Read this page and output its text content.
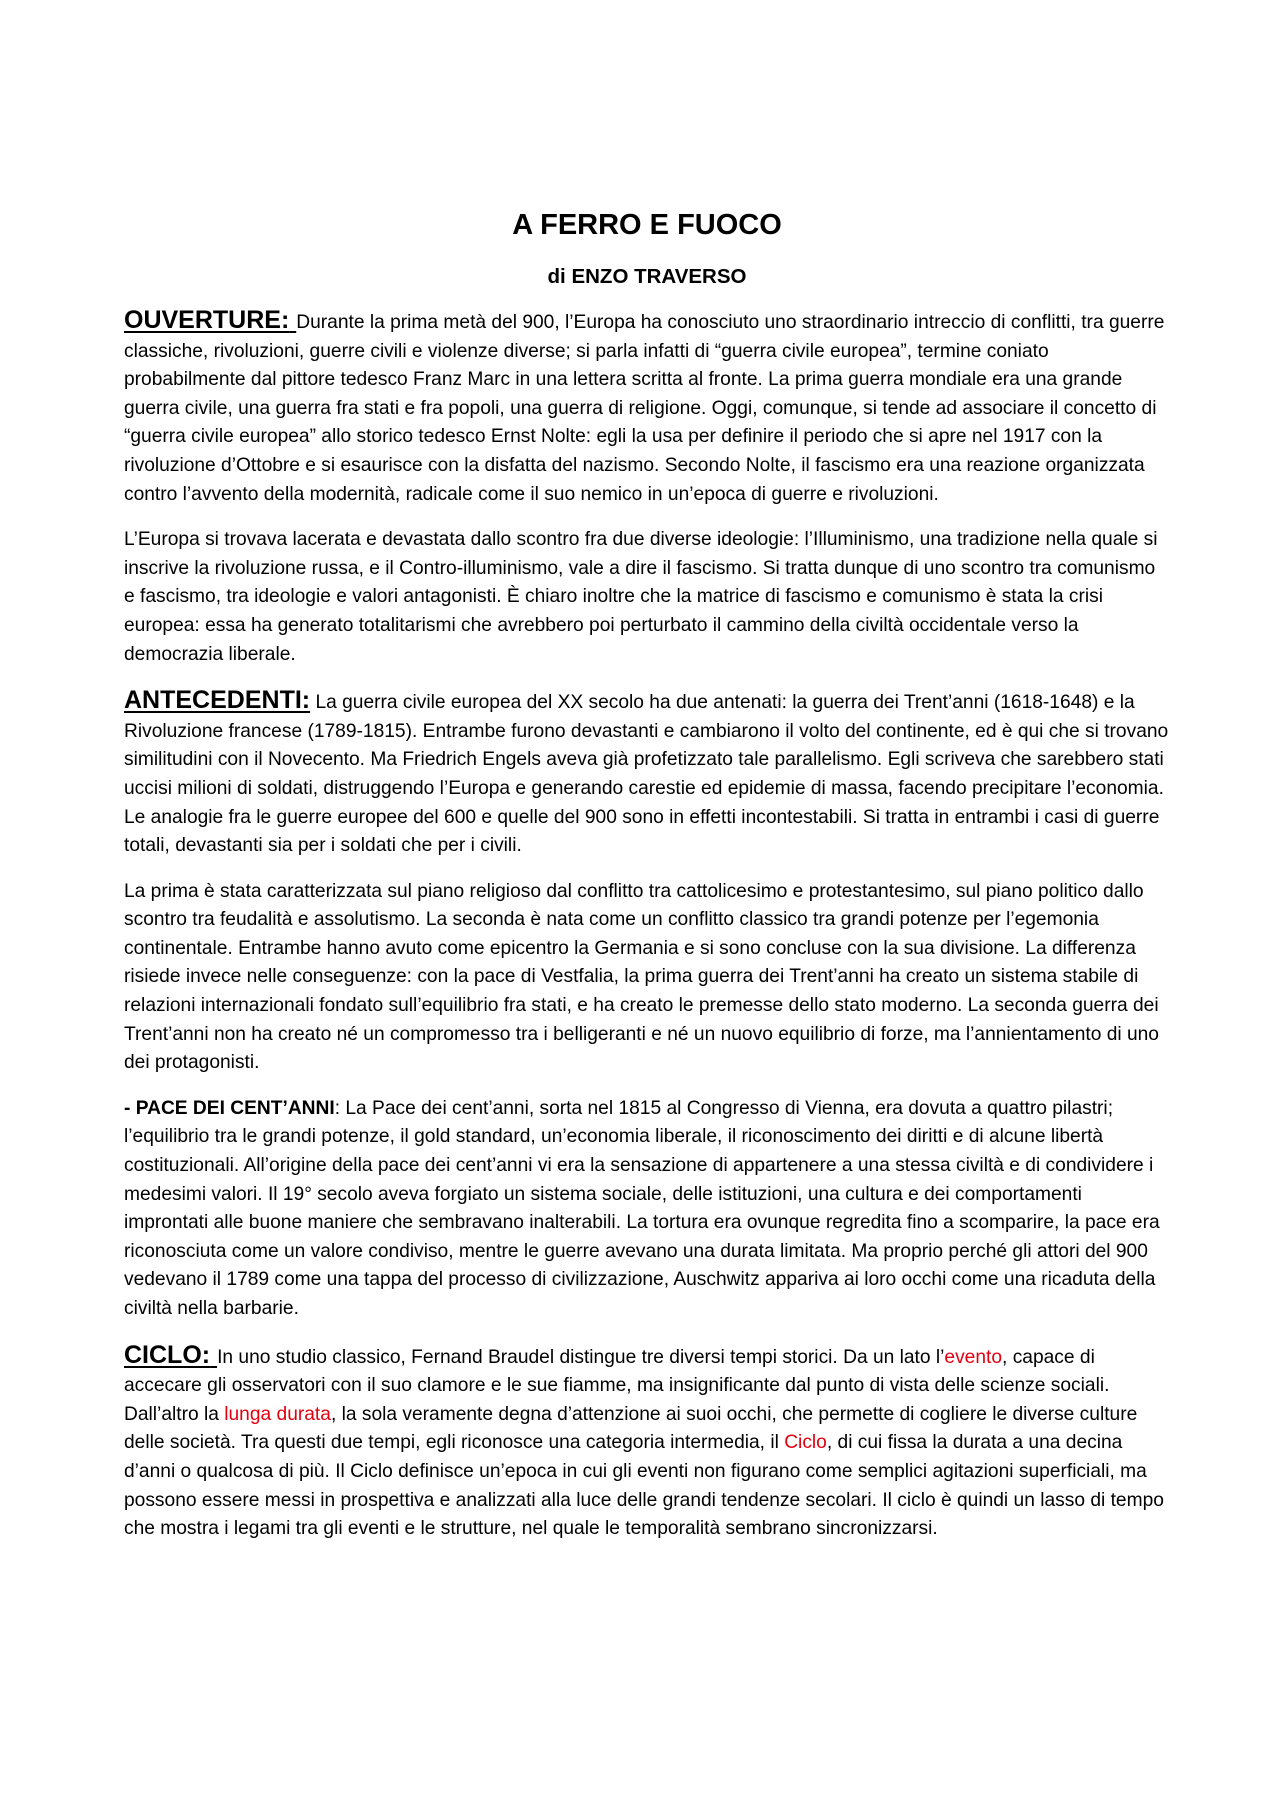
A FERRO E FUOCO
di ENZO TRAVERSO

OUVERTURE: Durante la prima metà del 900, l’Europa ha conosciuto uno straordinario intreccio di conflitti, tra guerre classiche, rivoluzioni, guerre civili e violenze diverse; si parla infatti di “guerra civile europea”, termine coniato probabilmente dal pittore tedesco Franz Marc in una lettera scritta al fronte. La prima guerra mondiale era una grande guerra civile, una guerra fra stati e fra popoli, una guerra di religione. Oggi, comunque, si tende ad associare il concetto di “guerra civile europea” allo storico tedesco Ernst Nolte: egli la usa per definire il periodo che si apre nel 1917 con la rivoluzione d’Ottobre e si esaurisce con la disfatta del nazismo. Secondo Nolte, il fascismo era una reazione organizzata contro l’avvento della modernità, radicale come il suo nemico in un’epoca di guerre e rivoluzioni.

L’Europa si trovava lacerata e devastata dallo scontro fra due diverse ideologie: l’Illuminismo, una tradizione nella quale si inscrive la rivoluzione russa, e il Contro-illuminismo, vale a dire il fascismo. Si tratta dunque di uno scontro tra comunismo e fascismo, tra ideologie e valori antagonisti. È chiaro inoltre che la matrice di fascismo e comunismo è stata la crisi europea: essa ha generato totalitarismi che avrebbero poi perturbato il cammino della civiltà occidentale verso la democrazia liberale.

ANTECEDENTI: La guerra civile europea del XX secolo ha due antenati: la guerra dei Trent’anni (1618-1648) e la Rivoluzione francese (1789-1815). Entrambe furono devastanti e cambiarono il volto del continente, ed è qui che si trovano similitudini con il Novecento. Ma Friedrich Engels aveva già profetizzato tale parallelismo. Egli scriveva che sarebbero stati uccisi milioni di soldati, distruggendo l’Europa e generando carestie ed epidemie di massa, facendo precipitare l’economia. Le analogie fra le guerre europee del 600 e quelle del 900 sono in effetti incontestabili. Si tratta in entrambi i casi di guerre totali, devastanti sia per i soldati che per i civili.

La prima è stata caratterizzata sul piano religioso dal conflitto tra cattolicesimo e protestantesimo, sul piano politico dallo scontro tra feudalità e assolutismo. La seconda è nata come un conflitto classico tra grandi potenze per l’egemonia continentale. Entrambe hanno avuto come epicentro la Germania e si sono concluse con la sua divisione. La differenza risiede invece nelle conseguenze: con la pace di Vestfalia, la prima guerra dei Trent’anni ha creato un sistema stabile di relazioni internazionali fondato sull’equilibrio fra stati, e ha creato le premesse dello stato moderno. La seconda guerra dei Trent’anni non ha creato né un compromesso tra i belligeranti e né un nuovo equilibrio di forze, ma l’annientamento di uno dei protagonisti.

- PACE DEI CENT’ANNI: La Pace dei cent’anni, sorta nel 1815 al Congresso di Vienna, era dovuta a quattro pilastri; l’equilibrio tra le grandi potenze, il gold standard, un’economia liberale, il riconoscimento dei diritti e di alcune libertà costituzionali. All’origine della pace dei cent’anni vi era la sensazione di appartenere a una stessa civiltà e di condividere i medesimi valori. Il 19° secolo aveva forgiato un sistema sociale, delle istituzioni, una cultura e dei comportamenti improntati alle buone maniere che sembravano inalterabili. La tortura era ovunque regredita fino a scomparire, la pace era riconosciuta come un valore condiviso, mentre le guerre avevano una durata limitata. Ma proprio perché gli attori del 900 vedevano il 1789 come una tappa del processo di civilizzazione, Auschwitz appariva ai loro occhi come una ricaduta della civiltà nella barbarie.

CICLO: In uno studio classico, Fernand Braudel distingue tre diversi tempi storici. Da un lato l’evento, capace di accecare gli osservatori con il suo clamore e le sue fiamme, ma insignificante dal punto di vista delle scienze sociali. Dall’altro la lunga durata, la sola veramente degna d’attenzione ai suoi occhi, che permette di cogliere le diverse culture delle società. Tra questi due tempi, egli riconosce una categoria intermedia, il Ciclo, di cui fissa la durata a una decina d’anni o qualcosa di più. Il Ciclo definisce un’epoca in cui gli eventi non figurano come semplici agitazioni superficiali, ma possono essere messi in prospettiva e analizzati alla luce delle grandi tendenze secolari. Il ciclo è quindi un lasso di tempo che mostra i legami tra gli eventi e le strutture, nel quale le temporalità sembrano sincronizzarsi.
